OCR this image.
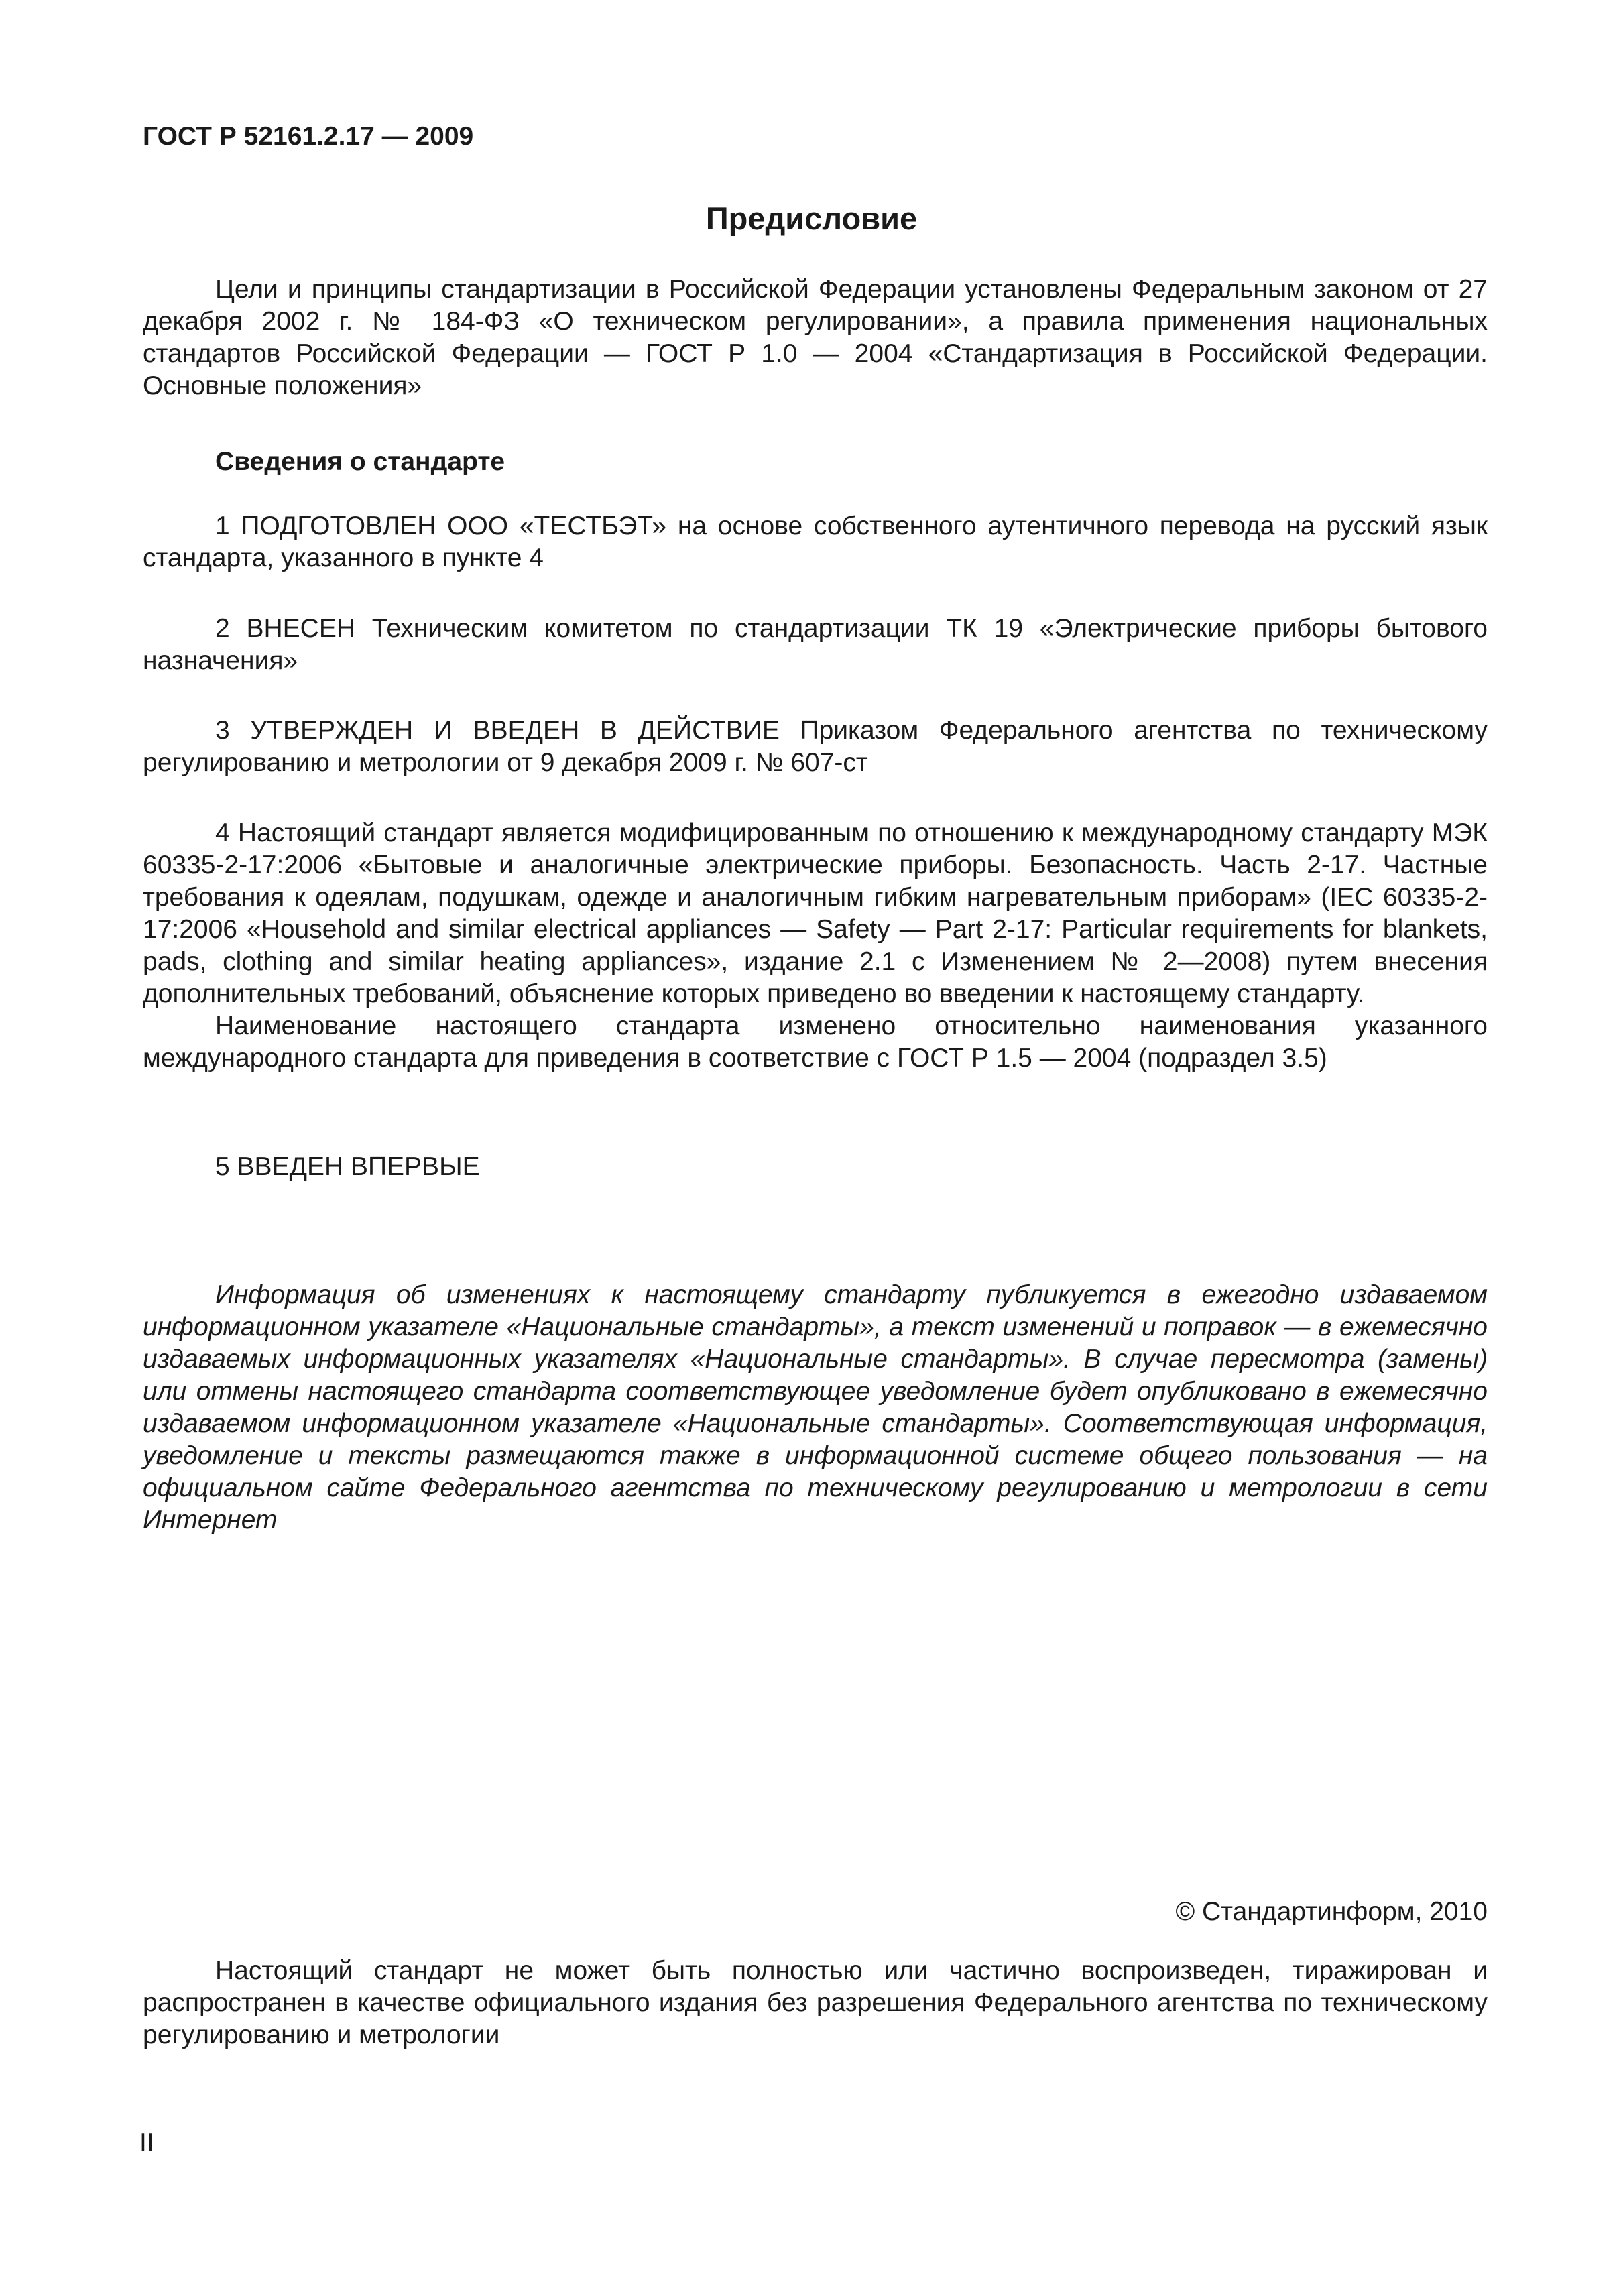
ГОСТ Р 52161.2.17 — 2009
Предисловие

Цели и принципы стандартизации в Российской Федерации установлены Федеральным законом от 27 декабря 2002 г. № 184-ФЗ «О техническом регулировании», а правила применения национальных стандартов Российской Федерации — ГОСТ Р 1.0 — 2004 «Стандартизация в Российской Федерации. Основные положения»

Сведения о стандарте

1 ПОДГОТОВЛЕН ООО «ТЕСТБЭТ» на основе собственного аутентичного перевода на русский язык стандарта, указанного в пункте 4

2 ВНЕСЕН Техническим комитетом по стандартизации ТК 19 «Электрические приборы бытового назначения»

3 УТВЕРЖДЕН И ВВЕДЕН В ДЕЙСТВИЕ Приказом Федерального агентства по техническому регулированию и метрологии от 9 декабря 2009 г. № 607-ст

4 Настоящий стандарт является модифицированным по отношению к международному стандарту МЭК 60335-2-17:2006 «Бытовые и аналогичные электрические приборы. Безопасность. Часть 2-17. Частные требования к одеялам, подушкам, одежде и аналогичным гибким нагревательным приборам» (IEC 60335-2-17:2006 «Household and similar electrical appliances — Safety — Part 2-17: Particular requirements for blankets, pads, clothing and similar heating appliances», издание 2.1 с Изменением № 2—2008) путем внесения дополнительных требований, объяснение которых приведено во введении к настоящему стандарту.

Наименование настоящего стандарта изменено относительно наименования указанного международного стандарта для приведения в соответствие с ГОСТ Р 1.5 — 2004 (подраздел 3.5)

5 ВВЕДЕН ВПЕРВЫЕ

Информация об изменениях к настоящему стандарту публикуется в ежегодно издаваемом информационном указателе «Национальные стандарты», а текст изменений и поправок — в ежемесячно издаваемых информационных указателях «Национальные стандарты». В случае пересмотра (замены) или отмены настоящего стандарта соответствующее уведомление будет опубликовано в ежемесячно издаваемом информационном указателе «Национальные стандарты». Соответствующая информация, уведомление и тексты размещаются также в информационной системе общего пользования — на официальном сайте Федерального агентства по техническому регулированию и метрологии в сети Интернет

© Стандартинформ, 2010

Настоящий стандарт не может быть полностью или частично воспроизведен, тиражирован и распространен в качестве официального издания без разрешения Федерального агентства по техническому регулированию и метрологии

II
